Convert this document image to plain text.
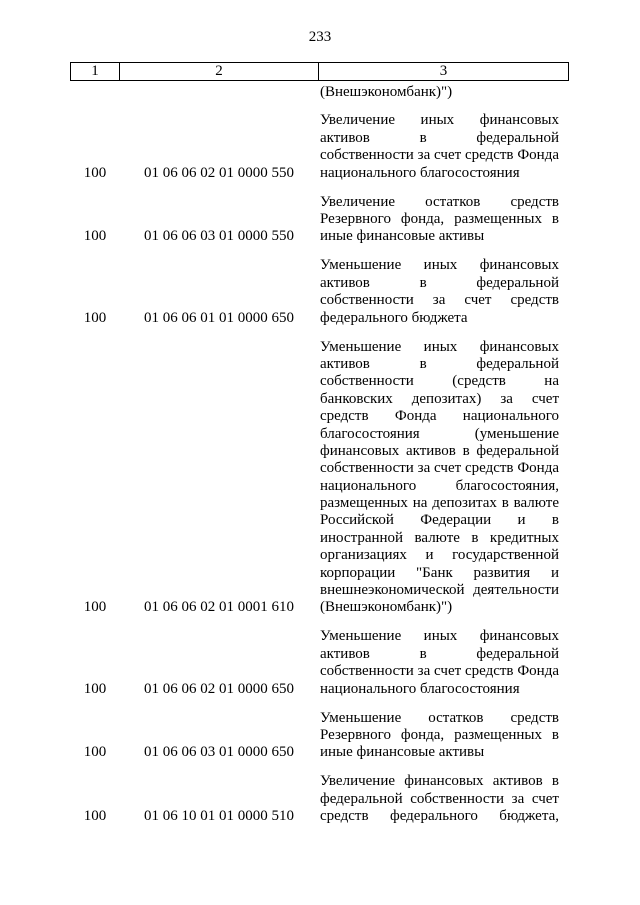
233
1	2	3
(Внешэкономбанк)")
100	01 06 06 02 01 0000 550
Увеличение иных финансовых
активов в федеральной
собственности за счет средств Фонда
национального благосостояния
100	01 06 06 03 01 0000 550
Увеличение остатков средств
Резервного фонда, размещенных в
иные финансовые активы
100	01 06 06 01 01 0000 650
Уменьшение иных финансовых
активов в федеральной
собственности за счет средств
федерального бюджета
100	01 06 06 02 01 0001 610
Уменьшение иных финансовых
активов в федеральной
собственности (средств на
банковских депозитах) за счет
средств Фонда национального
благосостояния (уменьшение
финансовых активов в федеральной
собственности за счет средств Фонда
национального благосостояния,
размещенных на депозитах в валюте
Российской Федерации и в
иностранной валюте в кредитных
организациях и государственной
корпорации "Банк развития и
внешнеэкономической деятельности
(Внешэкономбанк)")
100	01 06 06 02 01 0000 650
Уменьшение иных финансовых
активов в федеральной
собственности за счет средств Фонда
национального благосостояния
100	01 06 06 03 01 0000 650
Уменьшение остатков средств
Резервного фонда, размещенных в
иные финансовые активы
100	01 06 10 01 01 0000 510
Увеличение финансовых активов в
федеральной собственности за счет
средств федерального бюджета,
